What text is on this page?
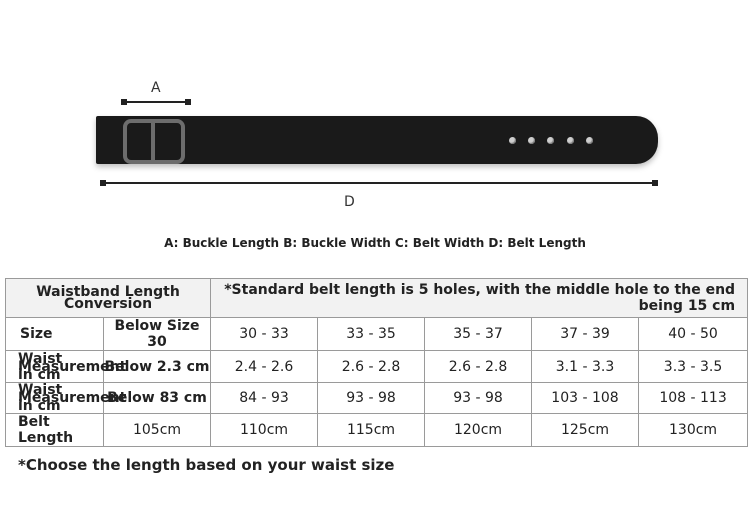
A
D
A: Buckle Length B: Buckle Width C: Belt Width D: Belt Length
Waistband Length Conversion		*Standard belt length is 5 holes, with the middle hole to the end being 15 cm				
Size	Below Size 30	30 - 33	33 - 35	35 - 37	37 - 39	40 - 50
Waist Measurement in cm	Below 2.3 cm	2.4 - 2.6	2.6 - 2.8	2.6 - 2.8	3.1 - 3.3	3.3 - 3.5
Waist Measurement in cm	Below 83 cm	84 - 93	93 - 98	93 - 98	103 - 108	108 - 113
Belt Length	105cm	110cm	115cm	120cm	125cm	130cm
*Choose the length based on your waist size
